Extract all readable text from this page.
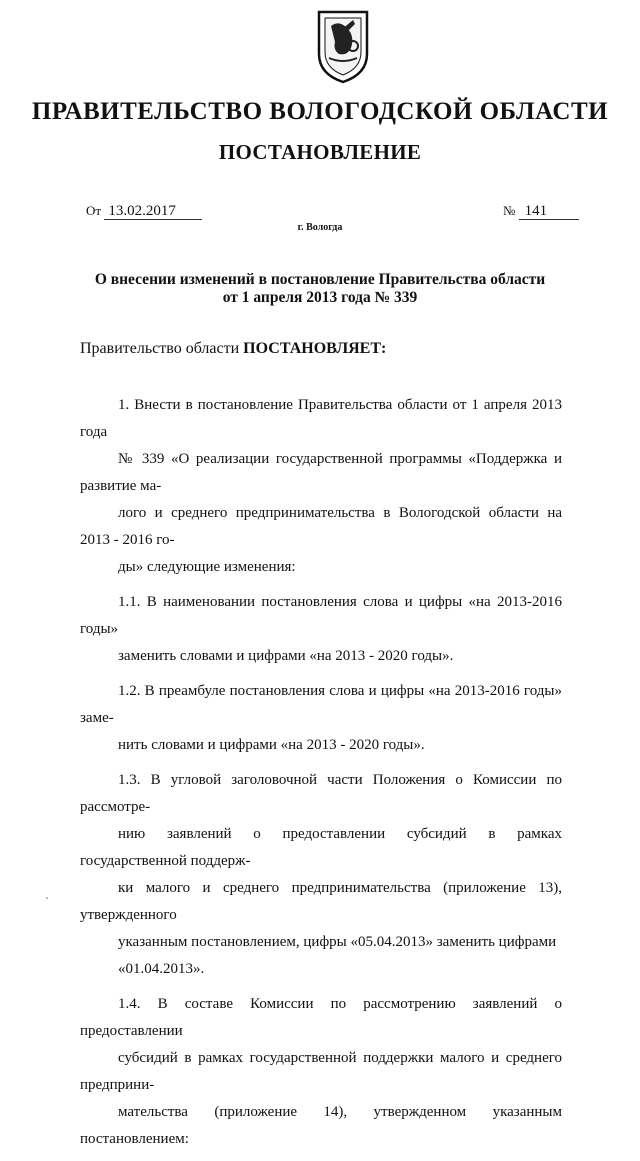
ПРАВИТЕЛЬСТВО ВОЛОГОДСКОЙ ОБЛАСТИ
ПОСТАНОВЛЕНИЕ
От 13.02.2017	№ 141
г. Вологда
О внесении изменений в постановление Правительства области
от 1 апреля 2013 года № 339
Правительство области ПОСТАНОВЛЯЕТ:
1. Внести в постановление Правительства области от 1 апреля 2013 года
№ 339 «О реализации государственной программы «Поддержка и развитие ма-
лого и среднего предпринимательства в Вологодской области на 2013 - 2016 го-
ды» следующие изменения:
1.1. В наименовании постановления слова и цифры «на 2013-2016 годы»
заменить словами и цифрами «на 2013 - 2020 годы».
1.2. В преамбуле постановления слова и цифры «на 2013-2016 годы» заме-
нить словами и цифрами «на 2013 - 2020 годы».
1.3. В угловой заголовочной части Положения о Комиссии по рассмотре-
нию заявлений о предоставлении субсидий в рамках государственной поддерж-
ки малого и среднего предпринимательства (приложение 13), утвержденного
указанным постановлением, цифры «05.04.2013» заменить цифрами
«01.04.2013».
1.4. В составе Комиссии по рассмотрению заявлений о предоставлении
субсидий в рамках государственной поддержки малого и среднего предприни-
мательства (приложение 14), утвержденном указанным постановлением:
